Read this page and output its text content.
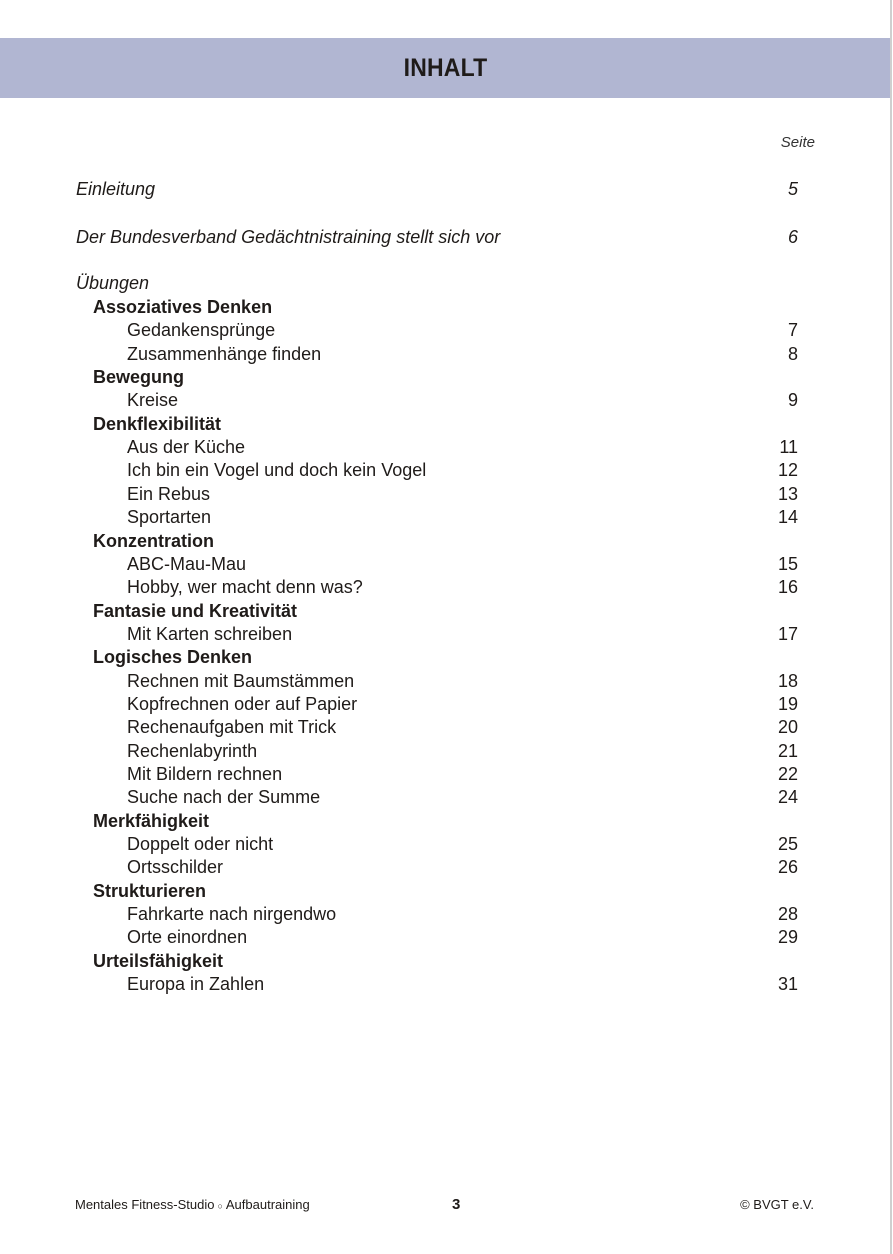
INHALT
Seite
Einleitung	5
Der Bundesverband Gedächtnistraining stellt sich vor	6
Übungen
Assoziatives Denken
Gedankensprünge	7
Zusammenhänge finden	8
Bewegung
Kreise	9
Denkflexibilität
Aus der Küche	11
Ich bin ein Vogel und doch kein Vogel	12
Ein Rebus	13
Sportarten	14
Konzentration
ABC-Mau-Mau	15
Hobby, wer macht denn was?	16
Fantasie und Kreativität
Mit Karten schreiben	17
Logisches Denken
Rechnen mit Baumstämmen	18
Kopfrechnen oder auf Papier	19
Rechenaufgaben mit Trick	20
Rechenlabyrinth	21
Mit Bildern rechnen	22
Suche nach der Summe	24
Merkfähigkeit
Doppelt oder nicht	25
Ortsschilder	26
Strukturieren
Fahrkarte nach nirgendwo	28
Orte einordnen	29
Urteilsfähigkeit
Europa in Zahlen	31
Mentales Fitness-Studio ○ Aufbautraining	3	© BVGT e.V.
